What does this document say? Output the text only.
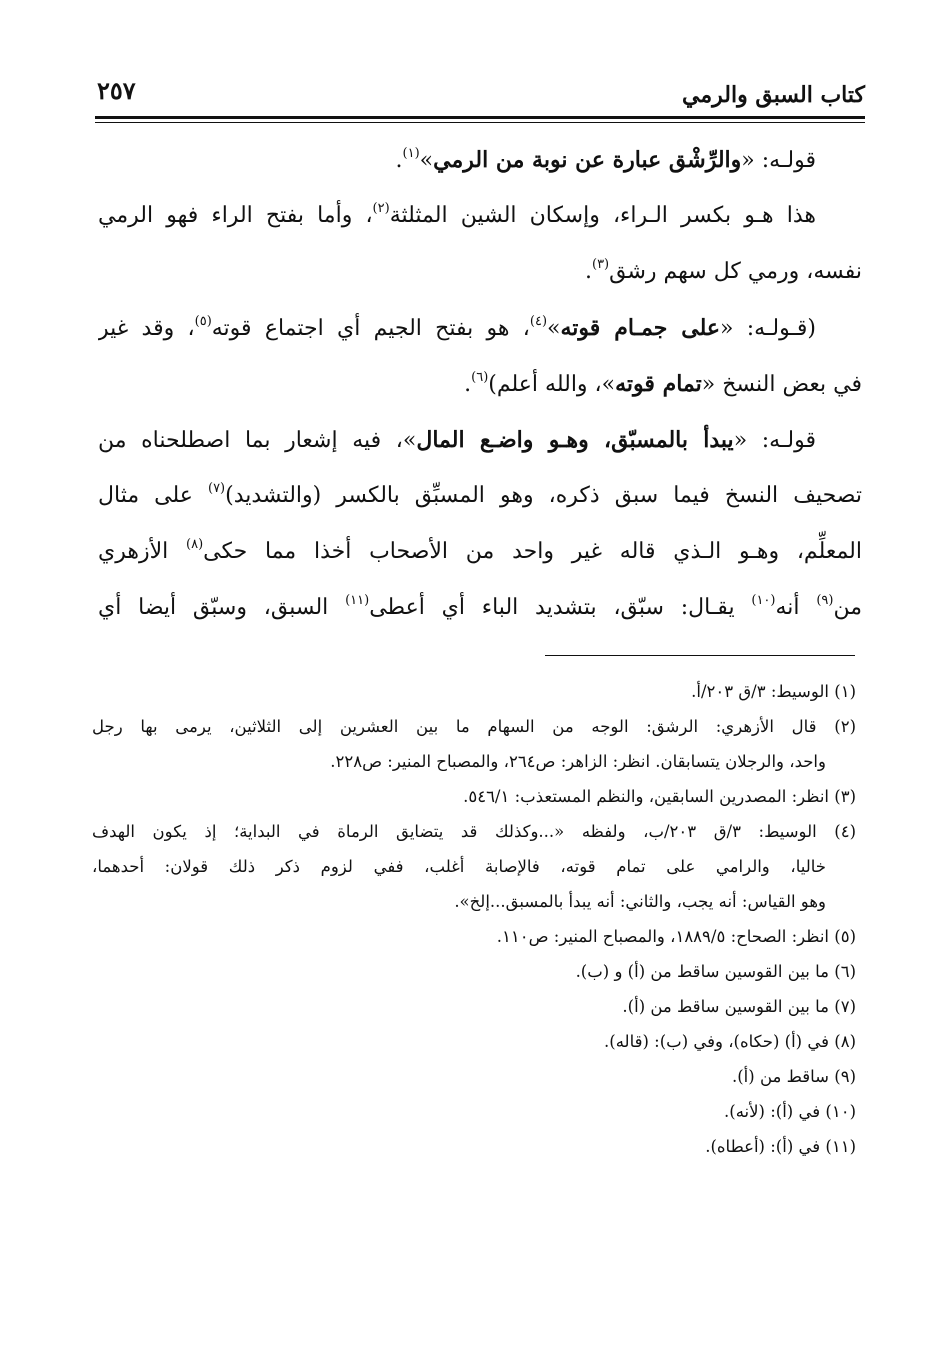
كتاب السبق والرمي
٢٥٧
قولـه: «والرِّشْق عبارة عن نوبة من الرمي»$^{(١)}$.
هذا هـو بكسر الـراء، وإسكان الشين المثلثة$^{(٢)}$، وأما بفتح الراء فهو الرمي
نفسه، ورمي كل سهم رشق$^{(٣)}$.
(قـولـه: «على جمـام قوته»$^{(٤)}$، هو بفتح الجيم أي اجتماع قوته$^{(٥)}$، وقد غير
في بعض النسخ «تمام قوته»، والله أعلم)$^{(٦)}$.
قولـه: «يبدأ بالمسبّق، وهـو واضـع المال»، فيه إشعار بما اصطلحناه من
تصحيف النسخ فيما سبق ذكره، وهو المسبِّق بالكسر (والتشديد)$^{(٧)}$ على مثال
المعلِّم، وهـو الـذي قاله غير واحد من الأصحاب أخذا مما حكى$^{(٨)}$ الأزهري
من$^{(٩)}$ أنه$^{(١٠)}$ يقـال: سبّق، بتشديد الباء أي أعطى$^{(١١)}$ السبق، وسبّق أيضا أي
(١) الوسيط: ٣/ق ٢٠٣/أ.
(٢) قال الأزهري: الرشق: الوجه من السهام ما بين العشرين إلى الثلاثين، يرمى بها رجل
واحد، والرجلان يتسابقان. انظر: الزاهر: ص٢٦٤، والمصباح المنير: ص٢٢٨.
(٣) انظر: المصدرين السابقين، والنظم المستعذب: ٥٤٦/١.
(٤) الوسيط: ٣/ق ٢٠٣/ب، ولفظه «...وكذلك قد يتضايق الرماة في البداية؛ إذ يكون الهدف
خاليا، والرامي على تمام قوته، فالإصابة أغلب، ففي لزوم ذكر ذلك قولان: أحدهما،
وهو القياس: أنه يجب، والثاني: أنه يبدأ بالمسبق...إلخ».
(٥) انظر: الصحاح: ١٨٨٩/٥، والمصباح المنير: ص١١٠.
(٦) ما بين القوسين ساقط من (أ) و (ب).
(٧) ما بين القوسين ساقط من (أ).
(٨) في (أ) (حكاه)، وفي (ب): (قاله).
(٩) ساقط من (أ).
(١٠) في (أ): (لأنه).
(١١) في (أ): (أعطاه).
